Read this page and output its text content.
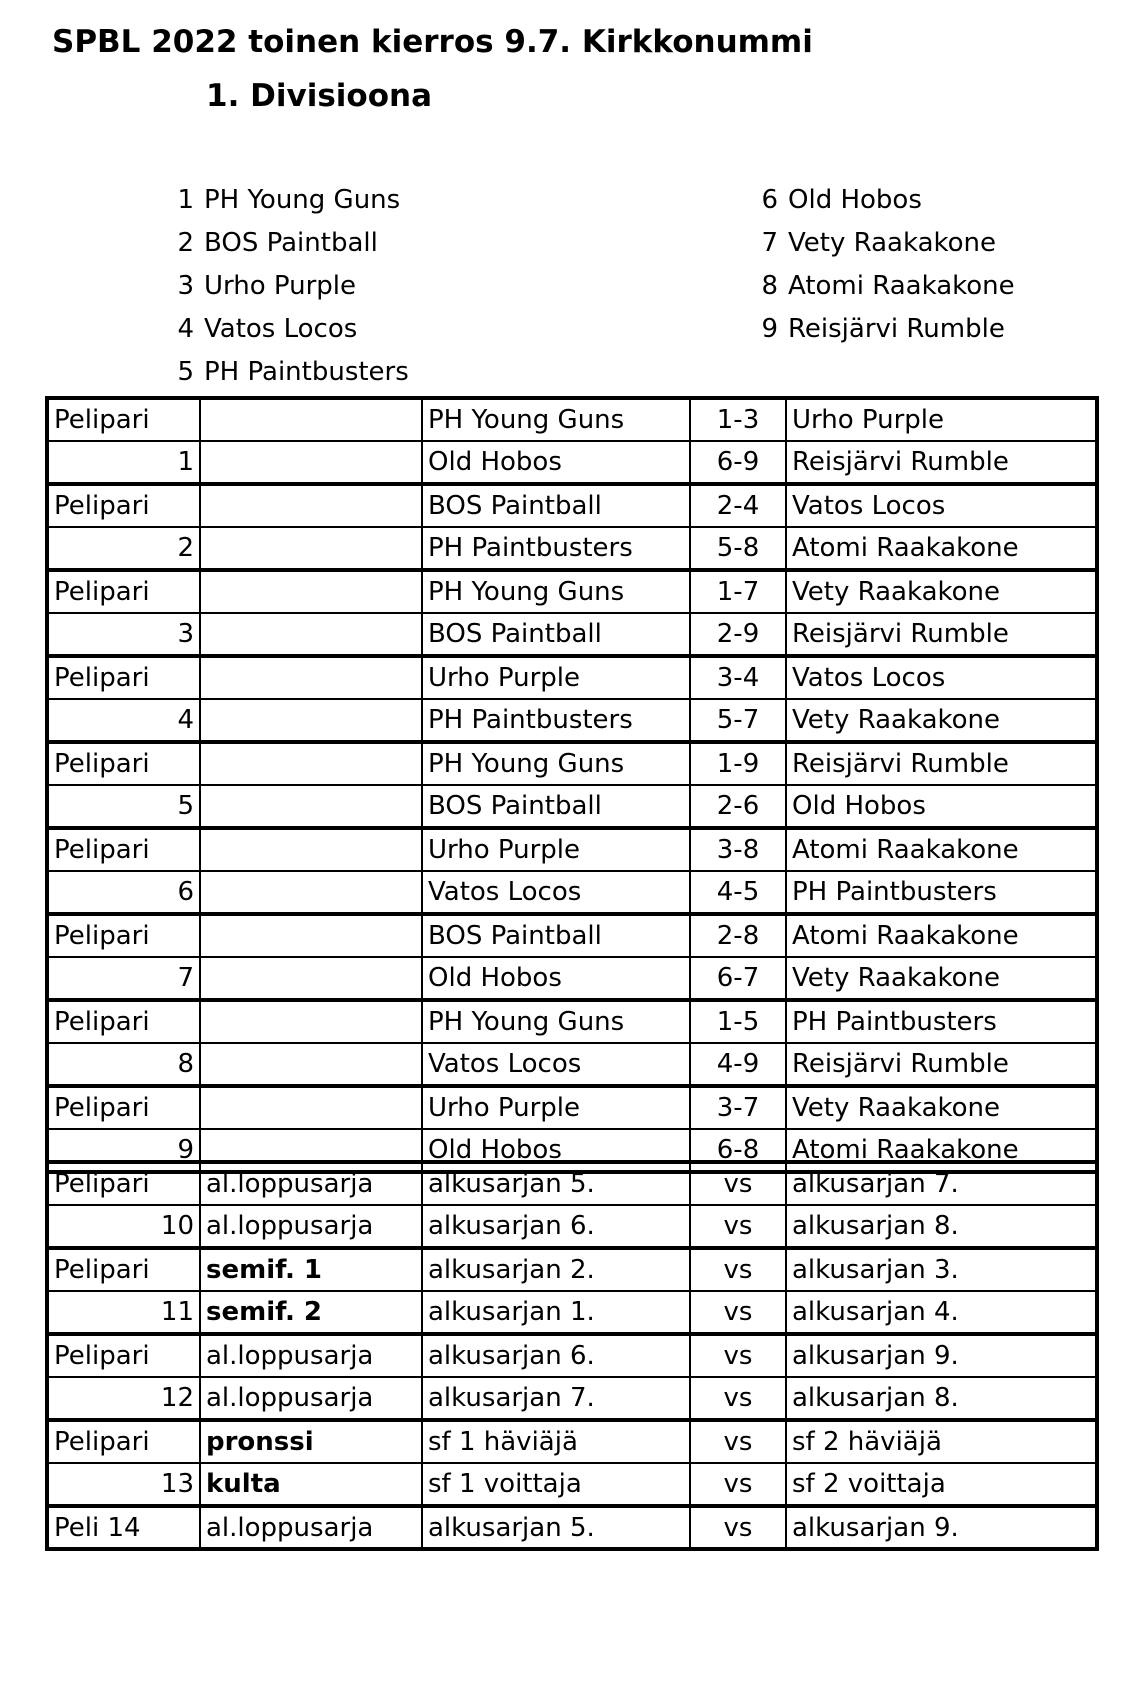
SPBL 2022 toinen kierros 9.7. Kirkkonummi
1. Divisioona
1 PH Young Guns
2 BOS Paintball
3 Urho Purple
4 Vatos Locos
5 PH Paintbusters
6 Old Hobos
7 Vety Raakakone
8 Atomi Raakakone
9 Reisjärvi Rumble
Pelipari		PH Young Guns	1-3	Urho Purple
1		Old Hobos	6-9	Reisjärvi Rumble
Pelipari		BOS Paintball	2-4	Vatos Locos
2		PH Paintbusters	5-8	Atomi Raakakone
Pelipari		PH Young Guns	1-7	Vety Raakakone
3		BOS Paintball	2-9	Reisjärvi Rumble
Pelipari		Urho Purple	3-4	Vatos Locos
4		PH Paintbusters	5-7	Vety Raakakone
Pelipari		PH Young Guns	1-9	Reisjärvi Rumble
5		BOS Paintball	2-6	Old Hobos
Pelipari		Urho Purple	3-8	Atomi Raakakone
6		Vatos Locos	4-5	PH Paintbusters
Pelipari		BOS Paintball	2-8	Atomi Raakakone
7		Old Hobos	6-7	Vety Raakakone
Pelipari		PH Young Guns	1-5	PH Paintbusters
8		Vatos Locos	4-9	Reisjärvi Rumble
Pelipari		Urho Purple	3-7	Vety Raakakone
9		Old Hobos	6-8	Atomi Raakakone
Pelipari	al.loppusarja	alkusarjan 5.	vs	alkusarjan 7.
10	al.loppusarja	alkusarjan 6.	vs	alkusarjan 8.
Pelipari	semif. 1	alkusarjan 2.	vs	alkusarjan 3.
11	semif. 2	alkusarjan 1.	vs	alkusarjan 4.
Pelipari	al.loppusarja	alkusarjan 6.	vs	alkusarjan 9.
12	al.loppusarja	alkusarjan 7.	vs	alkusarjan 8.
Pelipari	pronssi	sf 1 häviäjä	vs	sf 2 häviäjä
13	kulta	sf 1 voittaja	vs	sf 2 voittaja
Peli 14	al.loppusarja	alkusarjan 5.	vs	alkusarjan 9.
